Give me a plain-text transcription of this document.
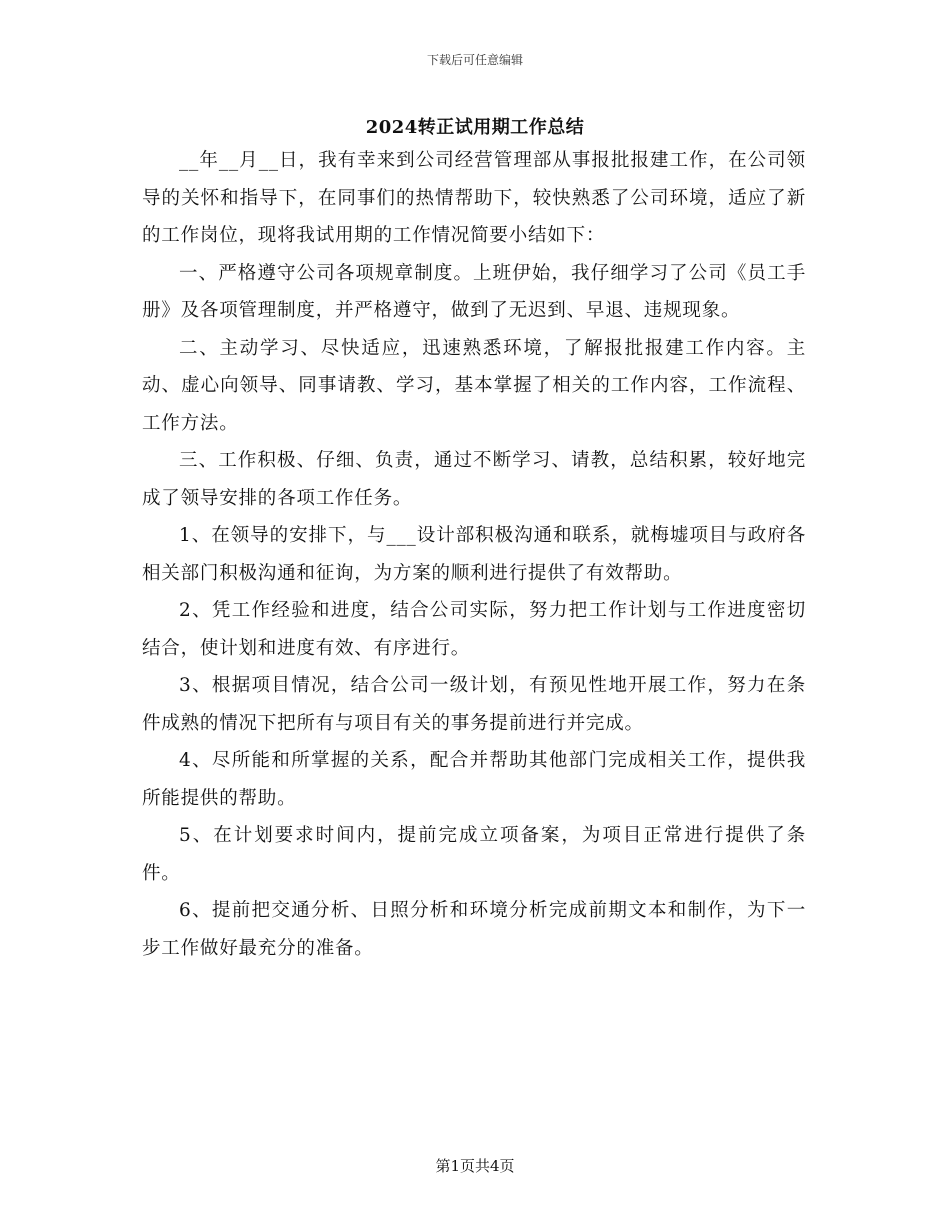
下载后可任意编辑
2024转正试用期工作总结

__年__月__日，我有幸来到公司经营管理部从事报批报建工作，在公司领导的关怀和指导下，在同事们的热情帮助下，较快熟悉了公司环境，适应了新的工作岗位，现将我试用期的工作情况简要小结如下：

一、严格遵守公司各项规章制度。上班伊始，我仔细学习了公司《员工手册》及各项管理制度，并严格遵守，做到了无迟到、早退、违规现象。

二、主动学习、尽快适应，迅速熟悉环境，了解报批报建工作内容。主动、虚心向领导、同事请教、学习，基本掌握了相关的工作内容，工作流程、工作方法。

三、工作积极、仔细、负责，通过不断学习、请教，总结积累，较好地完成了领导安排的各项工作任务。

1、在领导的安排下，与___设计部积极沟通和联系，就梅墟项目与政府各相关部门积极沟通和征询，为方案的顺利进行提供了有效帮助。

2、凭工作经验和进度，结合公司实际，努力把工作计划与工作进度密切结合，使计划和进度有效、有序进行。

3、根据项目情况，结合公司一级计划，有预见性地开展工作，努力在条件成熟的情况下把所有与项目有关的事务提前进行并完成。

4、尽所能和所掌握的关系，配合并帮助其他部门完成相关工作，提供我所能提供的帮助。

5、在计划要求时间内，提前完成立项备案，为项目正常进行提供了条件。

6、提前把交通分析、日照分析和环境分析完成前期文本和制作，为下一步工作做好最充分的准备。

第1页共4页
